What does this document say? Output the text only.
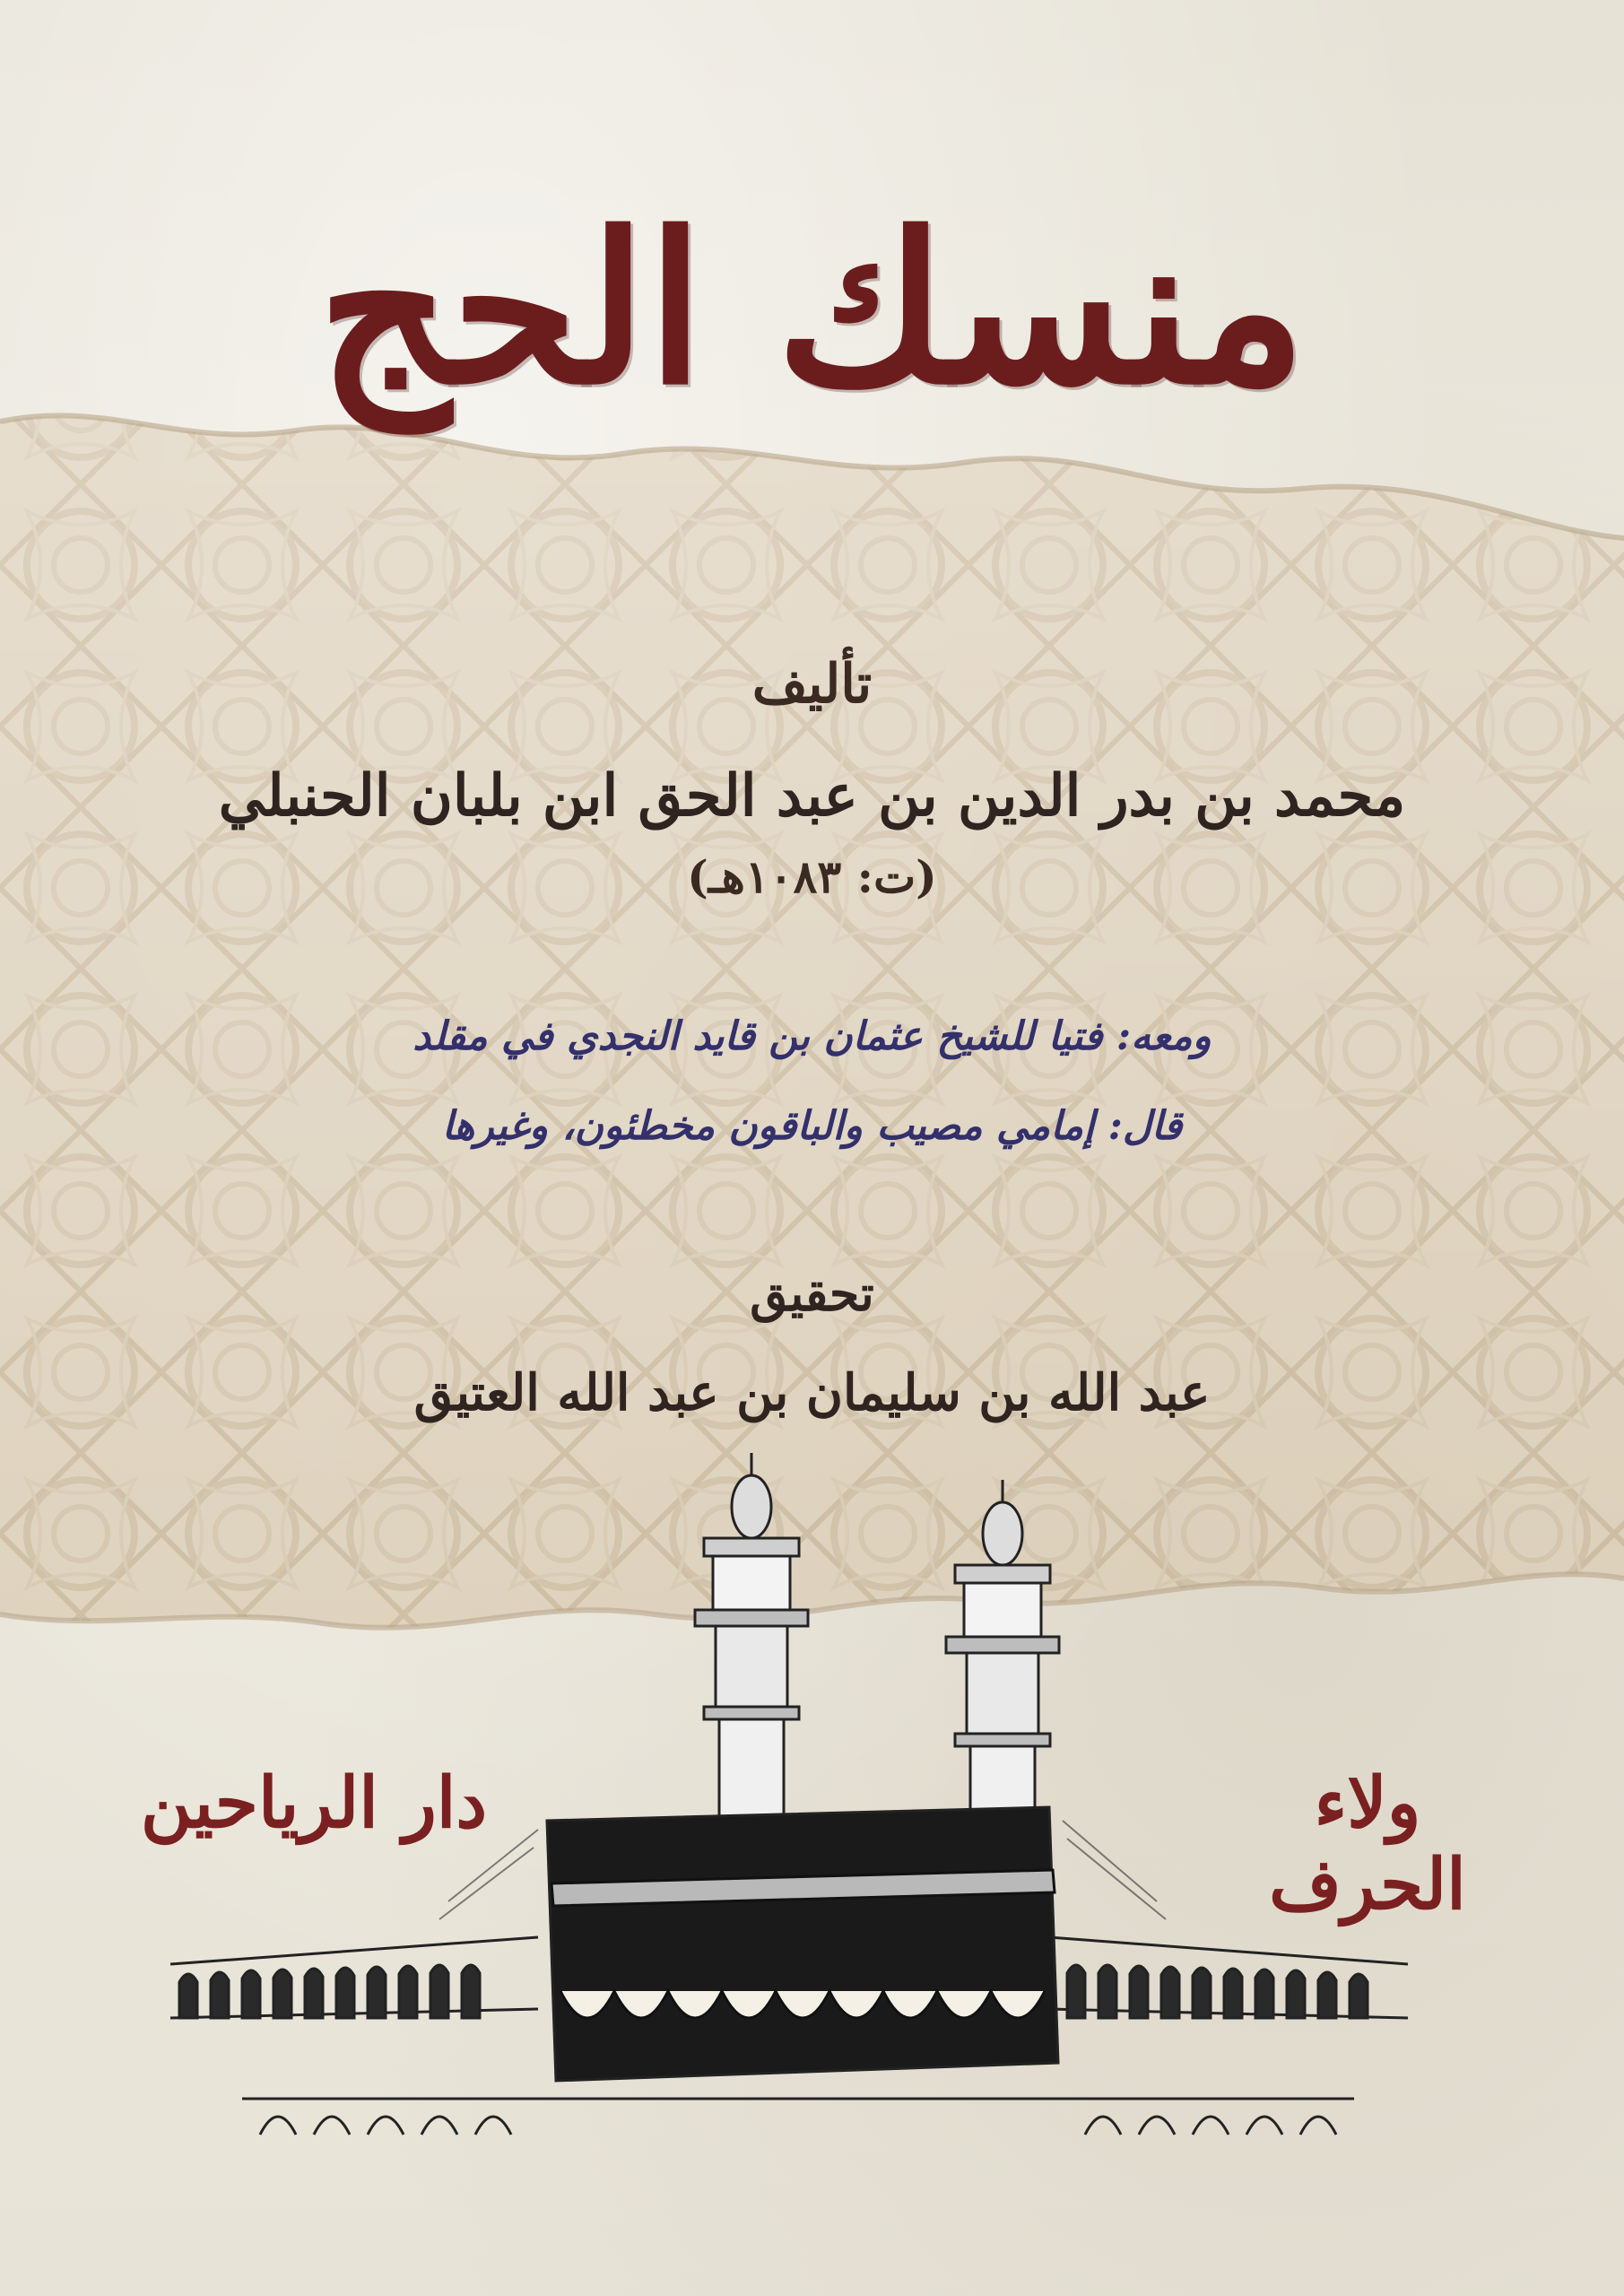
منسك الحج
تأليف
محمد بن بدر الدين بن عبد الحق ابن بلبان الحنبلي
(ت: ١٠٨٣هـ)
ومعه: فتيا للشيخ عثمان بن قايد النجدي في مقلد
قال: إمامي مصيب والباقون مخطئون، وغيرها
تحقيق
عبد الله بن سليمان بن عبد الله العتيق
دار الرياحين	ولاء الحرف
